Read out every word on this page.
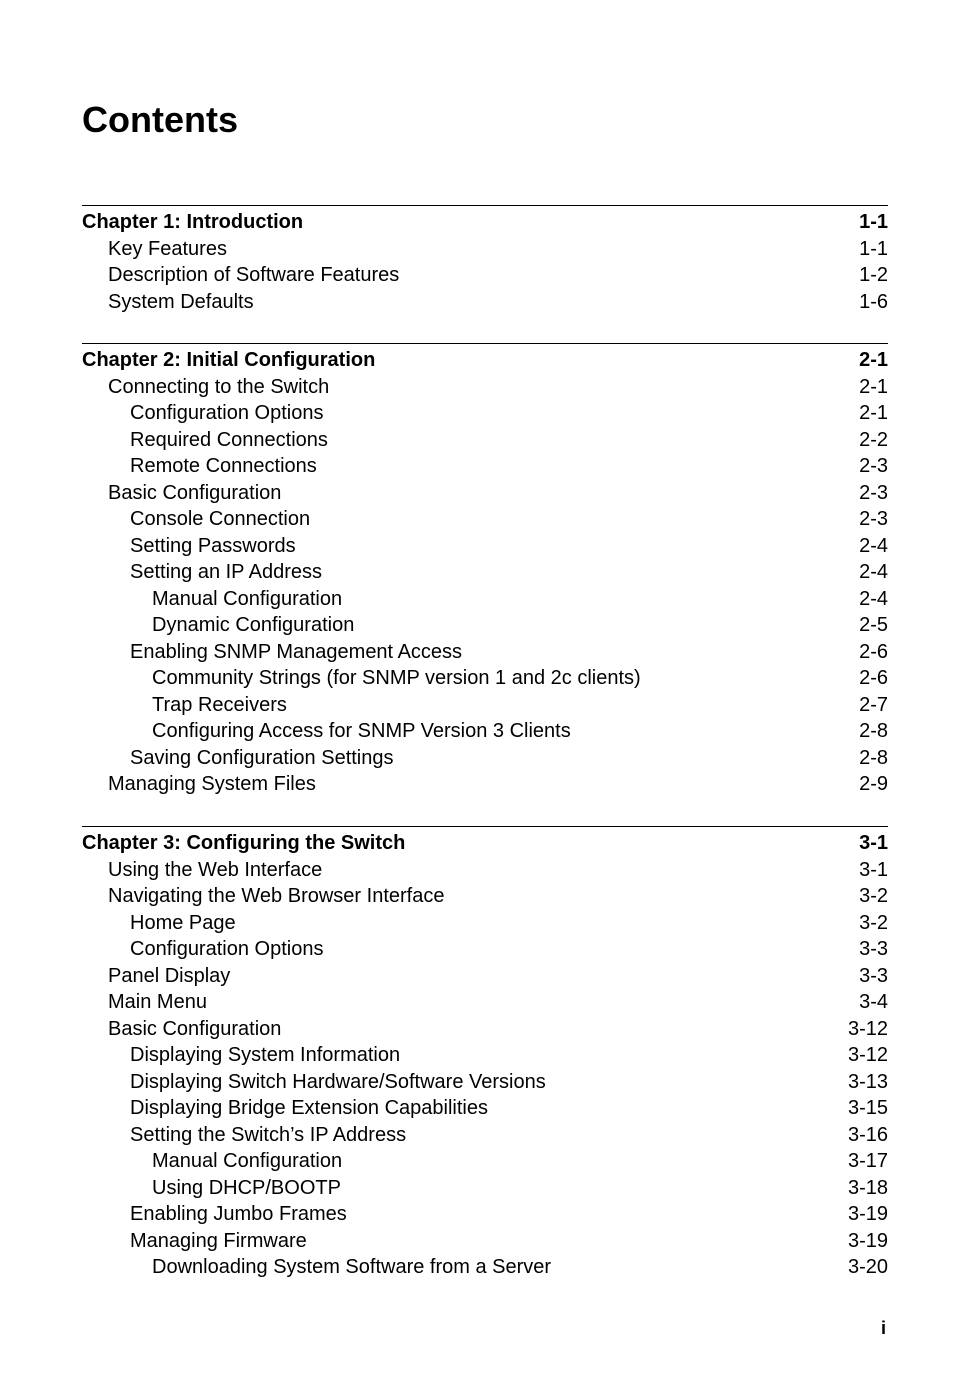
Contents
Chapter 1: Introduction	1-1
Key Features	1-1
Description of Software Features	1-2
System Defaults	1-6
Chapter 2: Initial Configuration	2-1
Connecting to the Switch	2-1
Configuration Options	2-1
Required Connections	2-2
Remote Connections	2-3
Basic Configuration	2-3
Console Connection	2-3
Setting Passwords	2-4
Setting an IP Address	2-4
Manual Configuration	2-4
Dynamic Configuration	2-5
Enabling SNMP Management Access	2-6
Community Strings (for SNMP version 1 and 2c clients)	2-6
Trap Receivers	2-7
Configuring Access for SNMP Version 3 Clients	2-8
Saving Configuration Settings	2-8
Managing System Files	2-9
Chapter 3: Configuring the Switch	3-1
Using the Web Interface	3-1
Navigating the Web Browser Interface	3-2
Home Page	3-2
Configuration Options	3-3
Panel Display	3-3
Main Menu	3-4
Basic Configuration	3-12
Displaying System Information	3-12
Displaying Switch Hardware/Software Versions	3-13
Displaying Bridge Extension Capabilities	3-15
Setting the Switch’s IP Address	3-16
Manual Configuration	3-17
Using DHCP/BOOTP	3-18
Enabling Jumbo Frames	3-19
Managing Firmware	3-19
Downloading System Software from a Server	3-20
i
